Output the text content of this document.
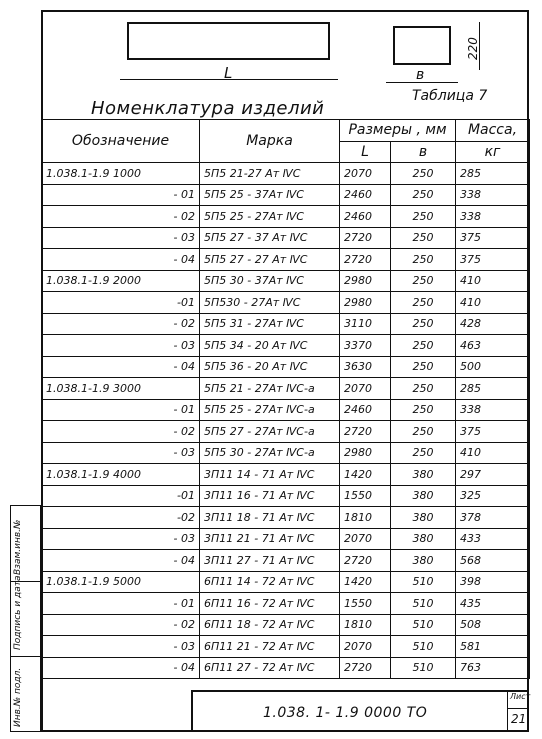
L	в
220
Таблица 7
Номенклатура изделий
Обозначение	Марка	Размеры , мм		Масса,
		L	в	кг
1.038.1-1.9 1000	5П5 21-27 Ат ⅣС	2070	250	285
- 01	5П5 25 - 37Ат ⅣС	2460	250	338
- 02	5П5 25 - 27Ат ⅣС	2460	250	338
- 03	5П5 27 - 37 Ат ⅣС	2720	250	375
- 04	5П5 27 - 27 Ат ⅣС	2720	250	375
1.038.1-1.9 2000	5П5 30 - 37Ат ⅣС	2980	250	410
-01	5П530 - 27Ат ⅣС	2980	250	410
- 02	5П5 31 - 27Ат ⅣС	3110	250	428
- 03	5П5 34 - 20 Ат ⅣС	3370	250	463
- 04	5П5 36 - 20 Ат ⅣС	3630	250	500
1.038.1-1.9 3000	5П5 21 - 27Ат ⅣС-а	2070	250	285
- 01	5П5 25 - 27Ат ⅣС-а	2460	250	338
- 02	5П5 27 - 27Ат ⅣС-а	2720	250	375
- 03	5П5 30 - 27Ат ⅣС-а	2980	250	410
1.038.1-1.9 4000	3П11 14 - 71 Ат ⅣС	1420	380	297
-01	3П11 16 - 71 Ат ⅣС	1550	380	325
-02	3П11 18 - 71 Ат ⅣС	1810	380	378
- 03	3П11 21 - 71 Ат ⅣС	2070	380	433
- 04	3П11 27 - 71 Ат ⅣС	2720	380	568
1.038.1-1.9 5000	6П11 14 - 72 Ат ⅣС	1420	510	398
- 01	6П11 16 - 72 Ат ⅣС	1550	510	435
- 02	6П11 18 - 72 Ат ⅣС	1810	510	508
- 03	6П11 21 - 72 Ат ⅣС	2070	510	581
- 04	6П11 27 - 72 Ат ⅣС	2720	510	763
Взам.инв.№
Подпись и дата
Инв.№ подл.	1.038. 1- 1.9 0000 ТО
Лист
21
